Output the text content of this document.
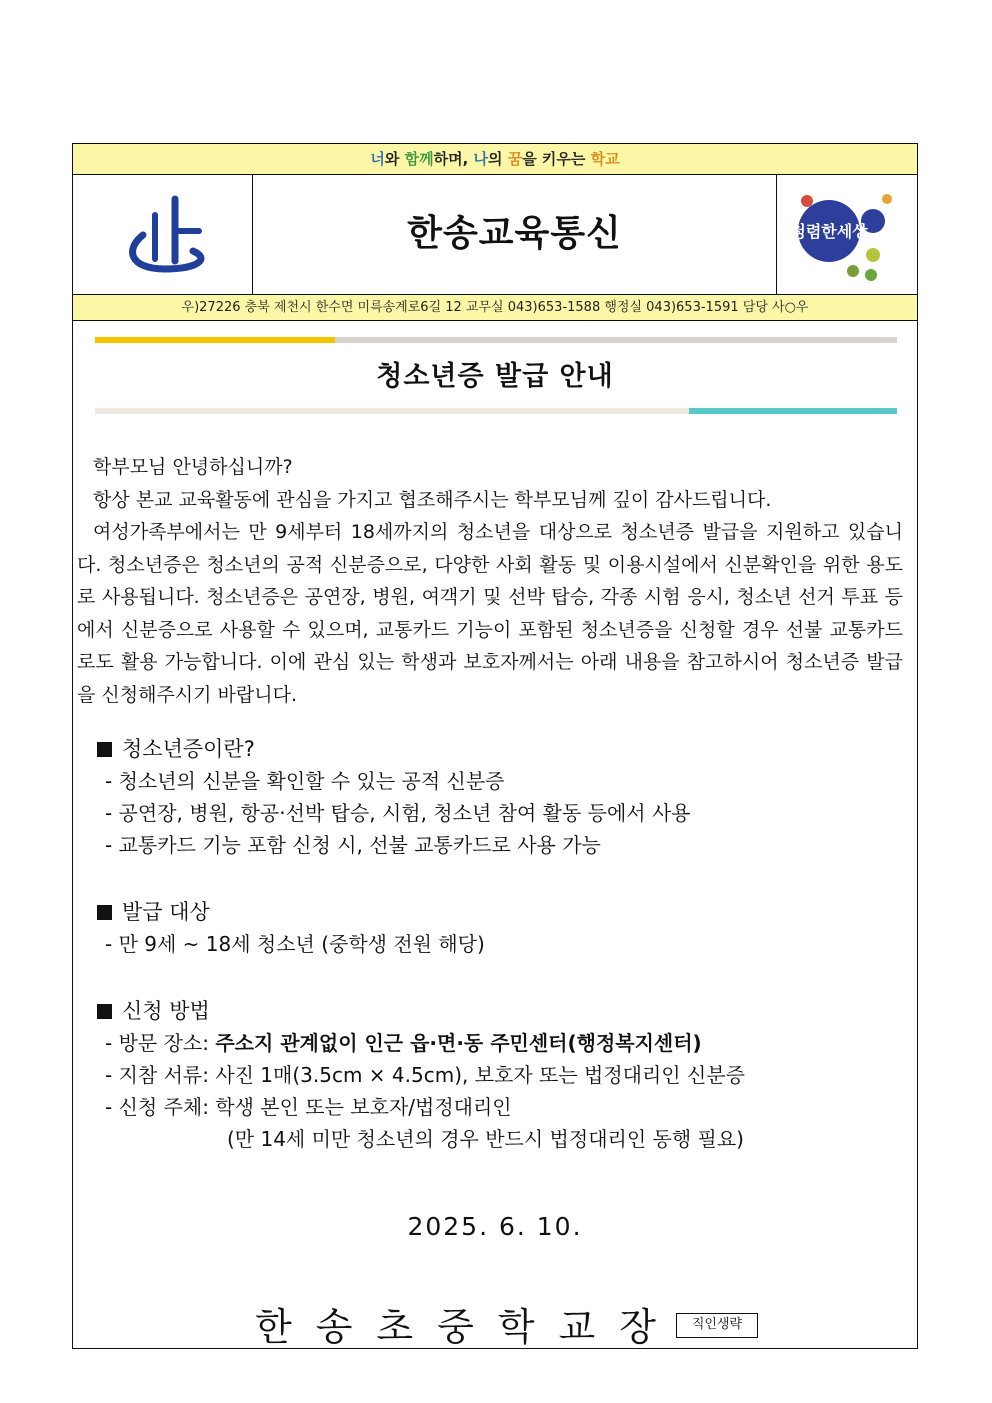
너와 함께하며, 나의 꿈을 키우는 학교
한송교육통신	청렴한세상
우)27226 충북 제천시 한수면 미륵송계로6길 12 교무실 043)653-1588 행정실 043)653-1591 담당 사○우
청소년증 발급 안내

학부모님 안녕하십니까?

항상 본교 교육활동에 관심을 가지고 협조해주시는 학부모님께 깊이 감사드립니다.

여성가족부에서는 만 9세부터 18세까지의 청소년을 대상으로 청소년증 발급을 지원하고 있습니다. 청소년증은 청소년의 공적 신분증으로, 다양한 사회 활동 및 이용시설에서 신분확인을 위한 용도로 사용됩니다. 청소년증은 공연장, 병원, 여객기 및 선박 탑승, 각종 시험 응시, 청소년 선거 투표 등에서 신분증으로 사용할 수 있으며, 교통카드 기능이 포함된 청소년증을 신청할 경우 선불 교통카드로도 활용 가능합니다. 이에 관심 있는 학생과 보호자께서는 아래 내용을 참고하시어 청소년증 발급을 신청해주시기 바랍니다.

청소년증이란?
- 청소년의 신분을 확인할 수 있는 공적 신분증
- 공연장, 병원, 항공·선박 탑승, 시험, 청소년 참여 활동 등에서 사용
- 교통카드 기능 포함 신청 시, 선불 교통카드로 사용 가능
발급 대상
- 만 9세 ~ 18세 청소년 (중학생 전원 해당)
신청 방법
- 방문 장소: 주소지 관계없이 인근 읍·면·동 주민센터(행정복지센터)
- 지참 서류: 사진 1매(3.5cm × 4.5cm), 보호자 또는 법정대리인 신분증
- 신청 주체: 학생 본인 또는 보호자/법정대리인
(만 14세 미만 청소년의 경우 반드시 법정대리인 동행 필요)
2025. 6. 10.
한송초중학교장 직인생략
